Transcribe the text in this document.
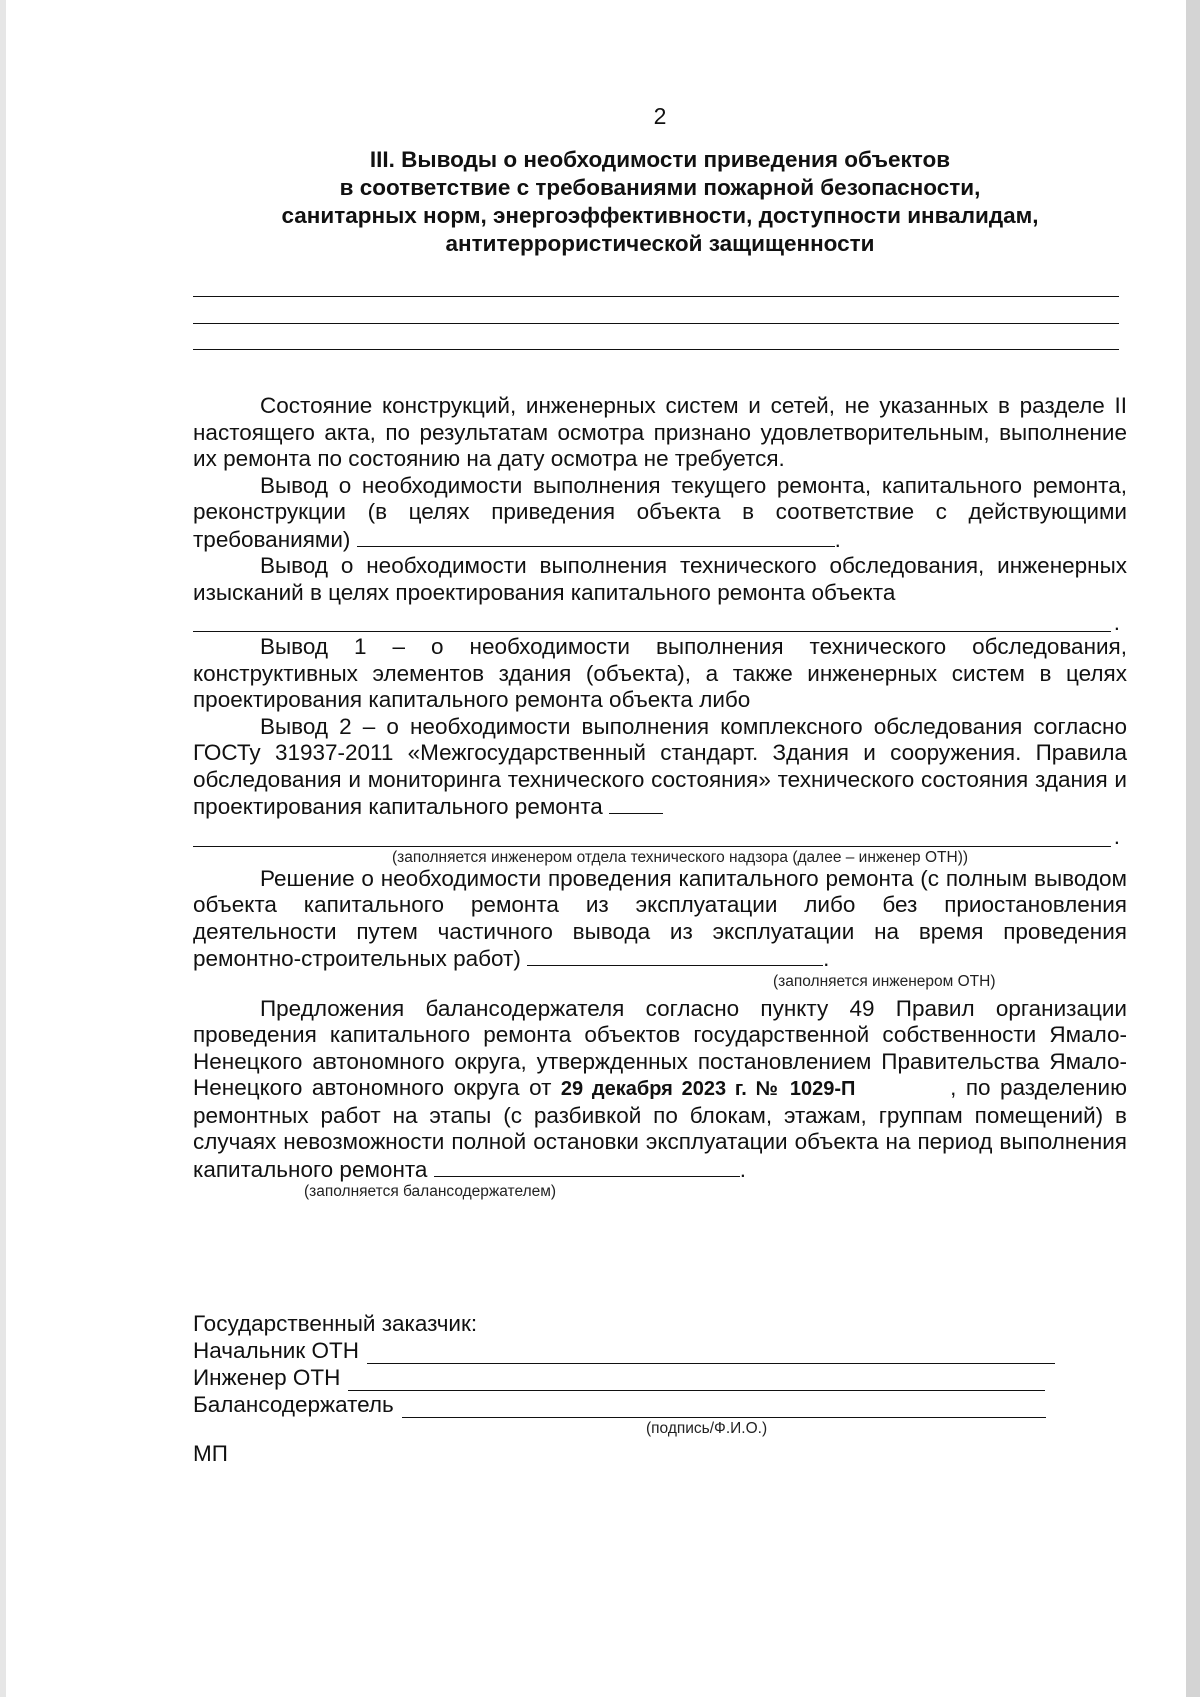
2
III. Выводы о необходимости приведения объектов
в соответствие с требованиями пожарной безопасности,
санитарных норм, энергоэффективности, доступности инвалидам,
антитеррористической защищенности

Состояние конструкций, инженерных систем и сетей, не указанных в разделе II настоящего акта, по результатам осмотра признано удовлетворительным, выполнение их ремонта по состоянию на дату осмотра не требуется.

Вывод о необходимости выполнения текущего ремонта, капитального ремонта, реконструкции (в целях приведения объекта в соответствие с действующими требованиями)	.

Вывод о необходимости выполнения технического обследования, инженерных изысканий в целях проектирования капитального ремонта объекта

.

Вывод 1 – о необходимости выполнения технического обследования, конструктивных элементов здания (объекта), а также инженерных систем в целях проектирования капитального ремонта объекта либо

Вывод 2 – о необходимости выполнения комплексного обследования согласно ГОСТу 31937-2011 «Межгосударственный стандарт. Здания и сооружения. Правила обследования и мониторинга технического состояния» технического состояния здания и проектирования капитального ремонта

.
(заполняется инженером отдела технического надзора (далее – инженер ОТН))

Решение о необходимости проведения капитального ремонта (с полным выводом объекта капитального ремонта из эксплуатации либо без приостановления деятельности путем частичного вывода из эксплуатации на время проведения ремонтно-строительных работ)	.

(заполняется инженером ОТН)

Предложения балансодержателя согласно пункту 49 Правил организации проведения капитального ремонта объектов государственной собственности Ямало-Ненецкого автономного округа, утвержденных постановлением Правительства Ямало-Ненецкого автономного округа от 29 декабря 2023 г. № 1029-П	, по разделению ремонтных работ на этапы (с разбивкой по блокам, этажам, группам помещений) в случаях невозможности полной остановки эксплуатации объекта на период выполнения капитального ремонта	.

(заполняется балансодержателем)
Государственный заказчик:
Начальник ОТН
Инженер ОТН
Балансодержатель
(подпись/Ф.И.О.)
МП
